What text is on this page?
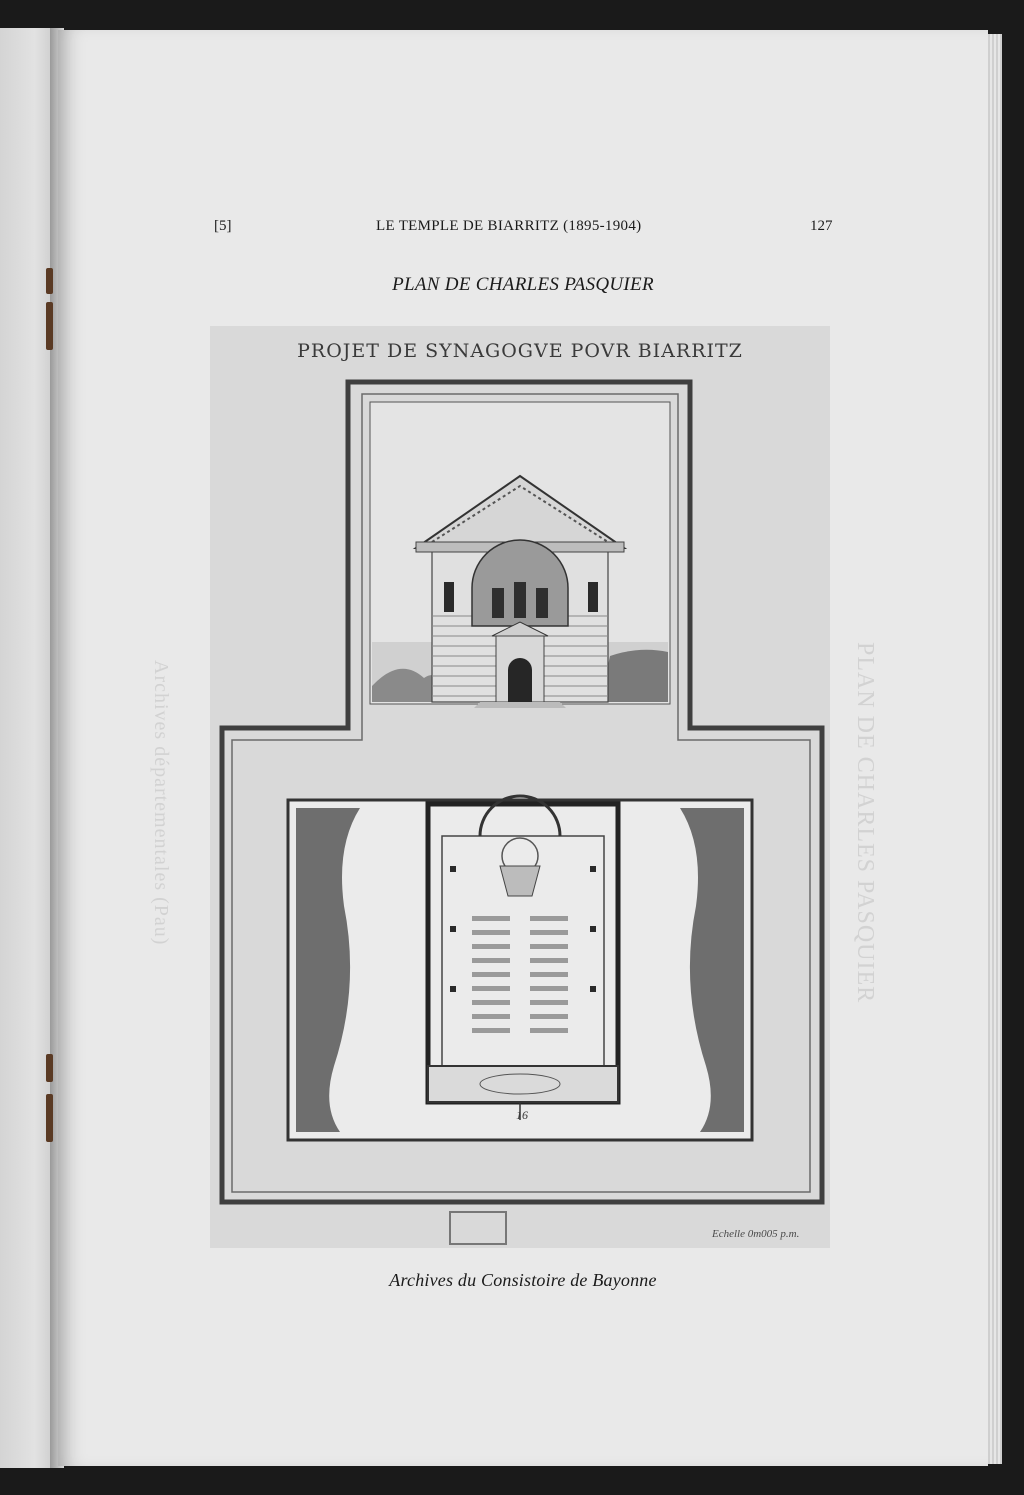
PLAN DE CHARLES PASQUIER
Archives départementales (Pau)
[5]	LE TEMPLE DE BIARRITZ (1895-1904)	127
PLAN DE CHARLES PASQUIER
PROJET DE SYNAGOGVE POVR BIARRITZ
16
Echelle 0m005 p.m.
Archives du Consistoire de Bayonne
